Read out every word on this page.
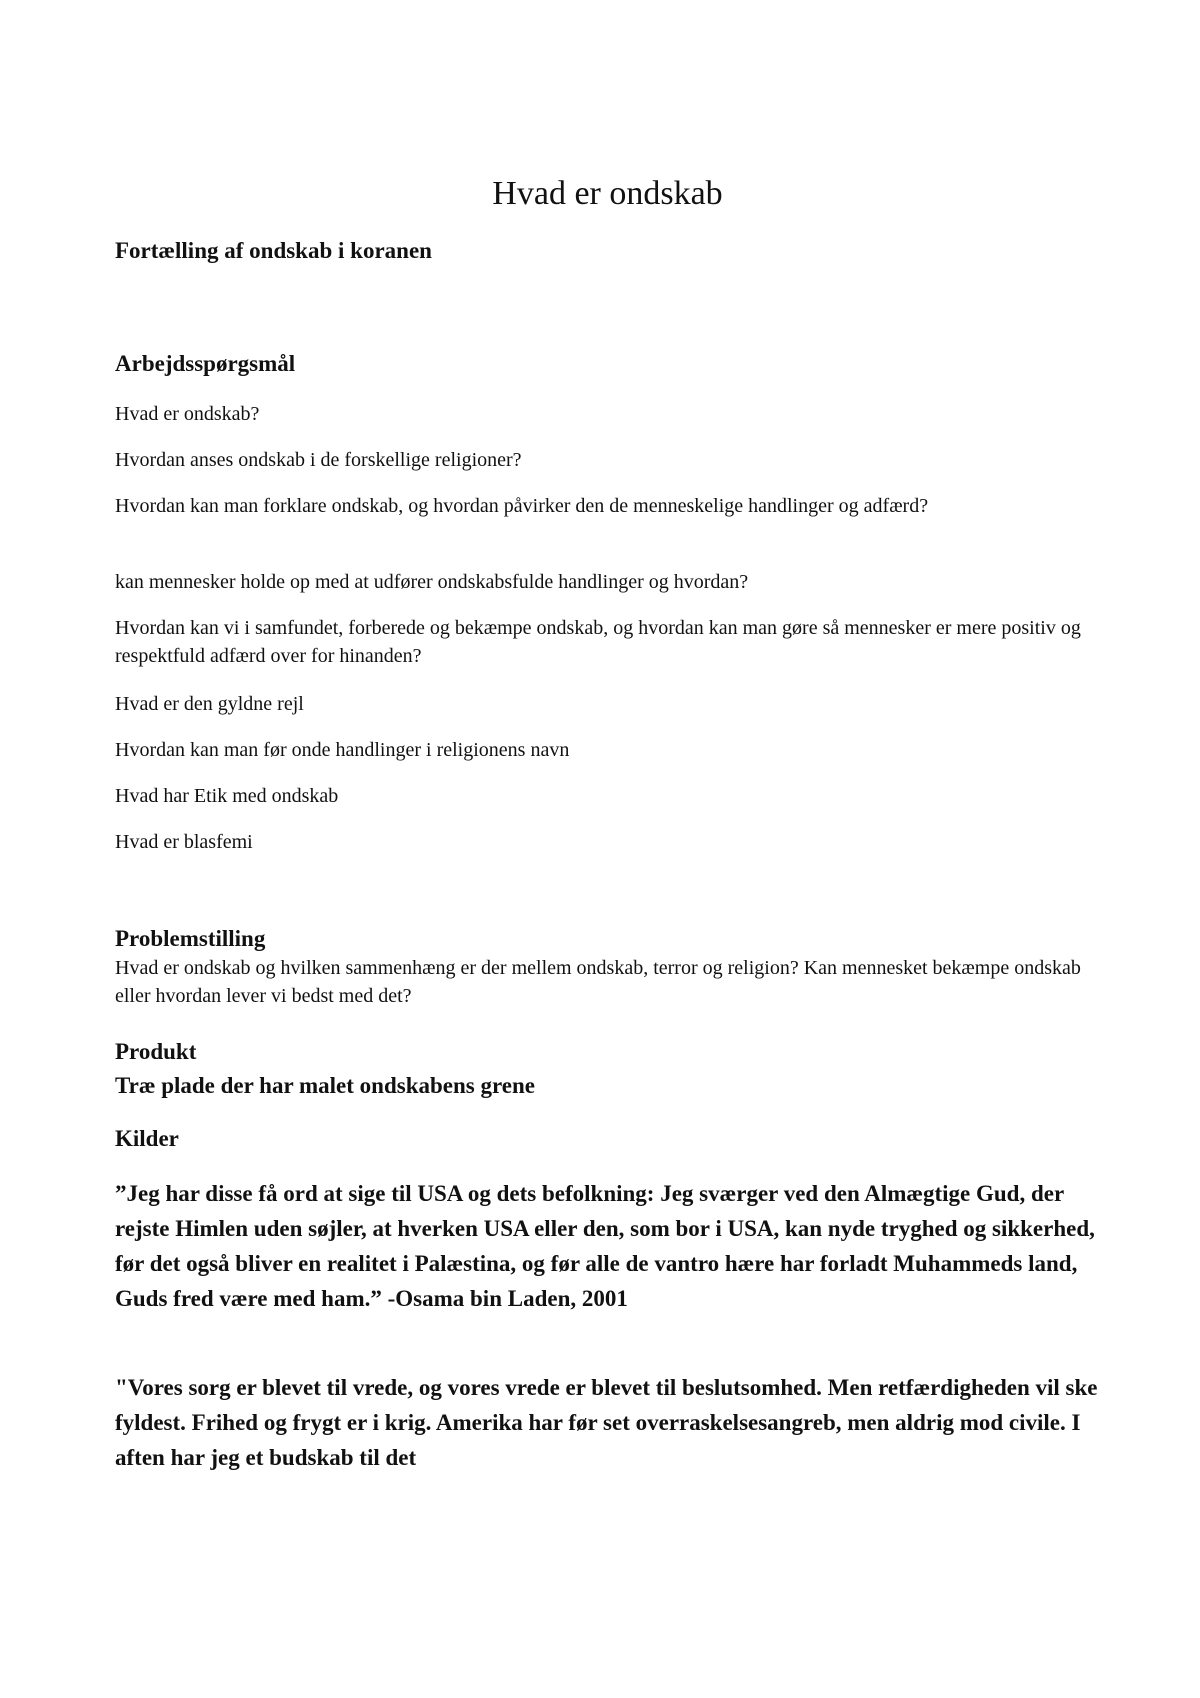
Hvad er ondskab
Fortælling af ondskab i koranen
Arbejdsspørgsmål

Hvad er ondskab?

Hvordan anses ondskab i de forskellige religioner?

Hvordan kan man forklare ondskab, og hvordan påvirker den de menneskelige handlinger og adfærd?

kan mennesker holde op med at udfører ondskabsfulde handlinger og hvordan?

Hvordan kan vi i samfundet, forberede og bekæmpe ondskab, og hvordan kan man gøre så mennesker er mere positiv og respektfuld adfærd over for hinanden?

Hvad er den gyldne rejl

Hvordan kan man før onde handlinger i religionens navn

Hvad har Etik med ondskab

Hvad er blasfemi

Problemstilling

Hvad er ondskab og hvilken sammenhæng er der mellem ondskab, terror og religion? Kan mennesket bekæmpe ondskab eller hvordan lever vi bedst med det?

Produkt

Træ plade der har malet ondskabens grene

Kilder

”Jeg har disse få ord at sige til USA og dets befolkning: Jeg sværger ved den Almægtige Gud, der rejste Himlen uden søjler, at hverken USA eller den, som bor i USA, kan nyde tryghed og sikkerhed, før det også bliver en realitet i Palæstina, og før alle de vantro hære har forladt Muhammeds land, Guds fred være med ham.” -Osama bin Laden, 2001

"Vores sorg er blevet til vrede, og vores vrede er blevet til beslutsomhed. Men retfærdigheden vil ske fyldest. Frihed og frygt er i krig. Amerika har før set overraskelsesangreb, men aldrig mod civile. I aften har jeg et budskab til det
